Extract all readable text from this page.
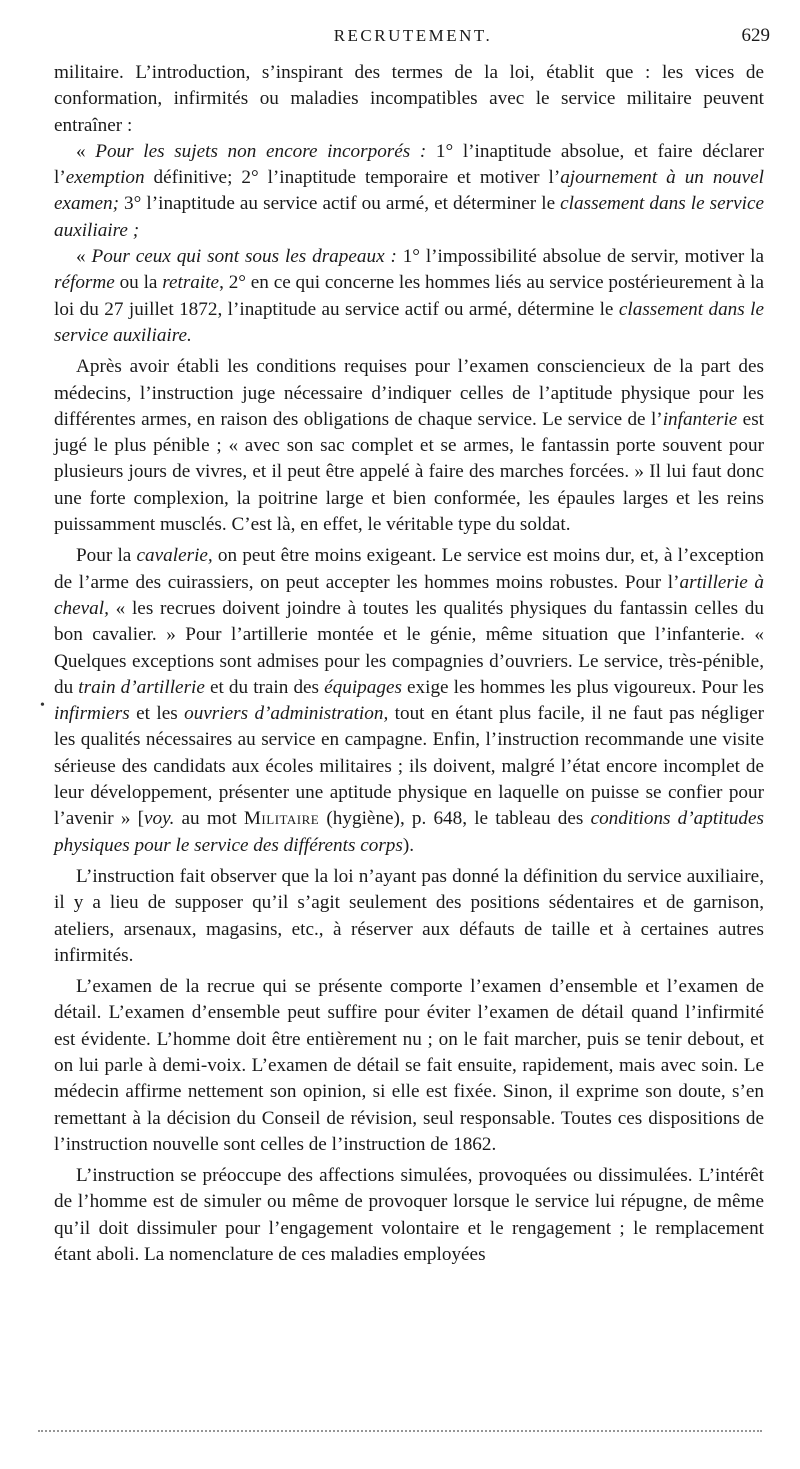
RECRUTEMENT.	629
•

militaire. L’introduction, s’inspirant des termes de la loi, établit que : les vices de conformation, infirmités ou maladies incompatibles avec le service militaire peuvent entraîner :

« Pour les sujets non encore incorporés : 1° l’inaptitude absolue, et faire déclarer l’exemption définitive; 2° l’inaptitude temporaire et motiver l’ajournement à un nouvel examen; 3° l’inaptitude au service actif ou armé, et déterminer le classement dans le service auxiliaire ;

« Pour ceux qui sont sous les drapeaux : 1° l’impossibilité absolue de servir, motiver la réforme ou la retraite, 2° en ce qui concerne les hommes liés au service postérieurement à la loi du 27 juillet 1872, l’inaptitude au service actif ou armé, détermine le classement dans le service auxiliaire.

Après avoir établi les conditions requises pour l’examen consciencieux de la part des médecins, l’instruction juge nécessaire d’indiquer celles de l’aptitude physique pour les différentes armes, en raison des obligations de chaque service. Le service de l’infanterie est jugé le plus pénible ; « avec son sac complet et se armes, le fantassin porte souvent pour plusieurs jours de vivres, et il peut être appelé à faire des marches forcées. » Il lui faut donc une forte complexion, la poitrine large et bien conformée, les épaules larges et les reins puissamment musclés. C’est là, en effet, le véritable type du soldat.

Pour la cavalerie, on peut être moins exigeant. Le service est moins dur, et, à l’exception de l’arme des cuirassiers, on peut accepter les hommes moins robustes. Pour l’artillerie à cheval, « les recrues doivent joindre à toutes les qualités physiques du fantassin celles du bon cavalier. » Pour l’artillerie montée et le génie, même situation que l’infanterie. « Quelques exceptions sont admises pour les compagnies d’ouvriers. Le service, très-pénible, du train d’artillerie et du train des équipages exige les hommes les plus vigoureux. Pour les infirmiers et les ouvriers d’administration, tout en étant plus facile, il ne faut pas négliger les qualités nécessaires au service en campagne. Enfin, l’instruction recommande une visite sérieuse des candidats aux écoles militaires ; ils doivent, malgré l’état encore incomplet de leur développement, présenter une aptitude physique en laquelle on puisse se confier pour l’avenir » [voy. au mot Militaire (hygiène), p. 648, le tableau des conditions d’aptitudes physiques pour le service des différents corps).

L’instruction fait observer que la loi n’ayant pas donné la définition du service auxiliaire, il y a lieu de supposer qu’il s’agit seulement des positions sédentaires et de garnison, ateliers, arsenaux, magasins, etc., à réserver aux défauts de taille et à certaines autres infirmités.

L’examen de la recrue qui se présente comporte l’examen d’ensemble et l’examen de détail. L’examen d’ensemble peut suffire pour éviter l’examen de détail quand l’infirmité est évidente. L’homme doit être entièrement nu ; on le fait marcher, puis se tenir debout, et on lui parle à demi-voix. L’examen de détail se fait ensuite, rapidement, mais avec soin. Le médecin affirme nettement son opinion, si elle est fixée. Sinon, il exprime son doute, s’en remettant à la décision du Conseil de révision, seul responsable. Toutes ces dispositions de l’instruction nouvelle sont celles de l’instruction de 1862.

L’instruction se préoccupe des affections simulées, provoquées ou dissimulées. L’intérêt de l’homme est de simuler ou même de provoquer lorsque le service lui répugne, de même qu’il doit dissimuler pour l’engagement volontaire et le rengagement ; le remplacement étant aboli. La nomenclature de ces maladies employées
